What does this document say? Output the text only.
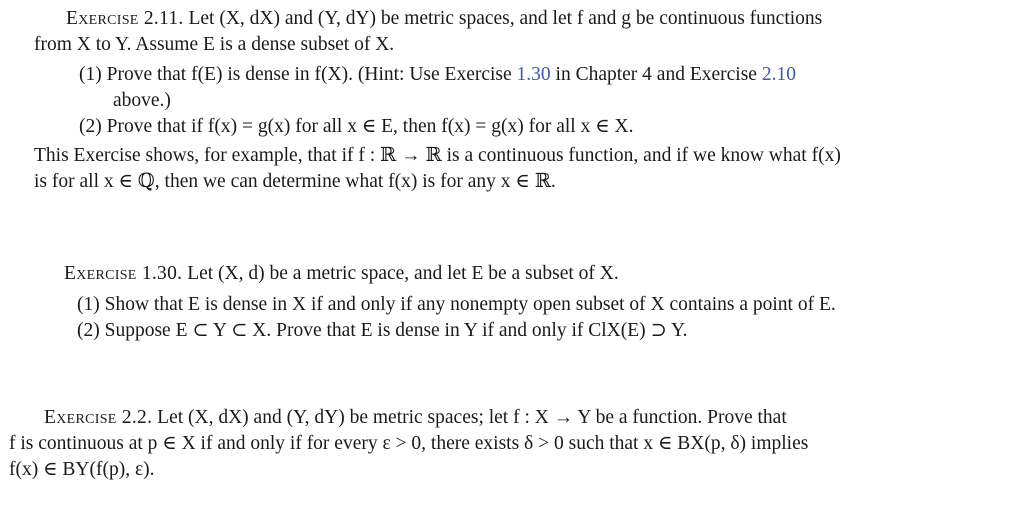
Exercise 2.11. Let (X, dX) and (Y, dY) be metric spaces, and let f and g be continuous functions
from X to Y. Assume E is a dense subset of X.
(1) Prove that f(E) is dense in f(X). (Hint: Use Exercise 1.30 in Chapter 4 and Exercise 2.10
above.)
(2) Prove that if f(x) = g(x) for all x ∈ E, then f(x) = g(x) for all x ∈ X.
This Exercise shows, for example, that if f : ℝ → ℝ is a continuous function, and if we know what f(x)
is for all x ∈ ℚ, then we can determine what f(x) is for any x ∈ ℝ.
Exercise 1.30. Let (X, d) be a metric space, and let E be a subset of X.
(1) Show that E is dense in X if and only if any nonempty open subset of X contains a point of E.
(2) Suppose E ⊂ Y ⊂ X. Prove that E is dense in Y if and only if ClX(E) ⊃ Y.
Exercise 2.2. Let (X, dX) and (Y, dY) be metric spaces; let f : X → Y be a function. Prove that
f is continuous at p ∈ X if and only if for every ε > 0, there exists δ > 0 such that x ∈ BX(p, δ) implies
f(x) ∈ BY(f(p), ε).
